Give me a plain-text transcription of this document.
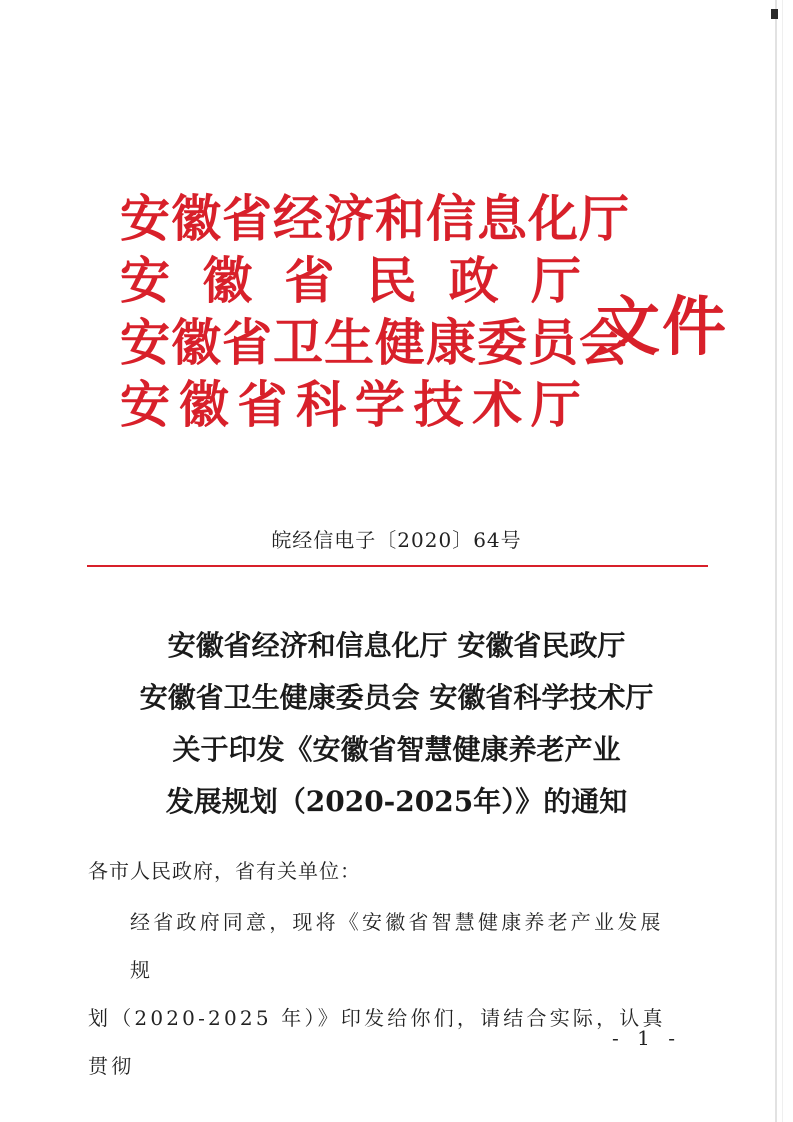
安徽省经济和信息化厅
安 徽 省 民 政 厅
安徽省卫生健康委员会
安 徽 省 科 学 技 术 厅
文件
皖经信电子〔2020〕64号
安徽省经济和信息化厅 安徽省民政厅
安徽省卫生健康委员会 安徽省科学技术厅
关于印发《安徽省智慧健康养老产业
发展规划（2020-2025年）》的通知
各市人民政府，省有关单位：
经省政府同意，现将《安徽省智慧健康养老产业发展规
划（2020-2025 年）》印发给你们，请结合实际，认真贯彻
- 1 -
